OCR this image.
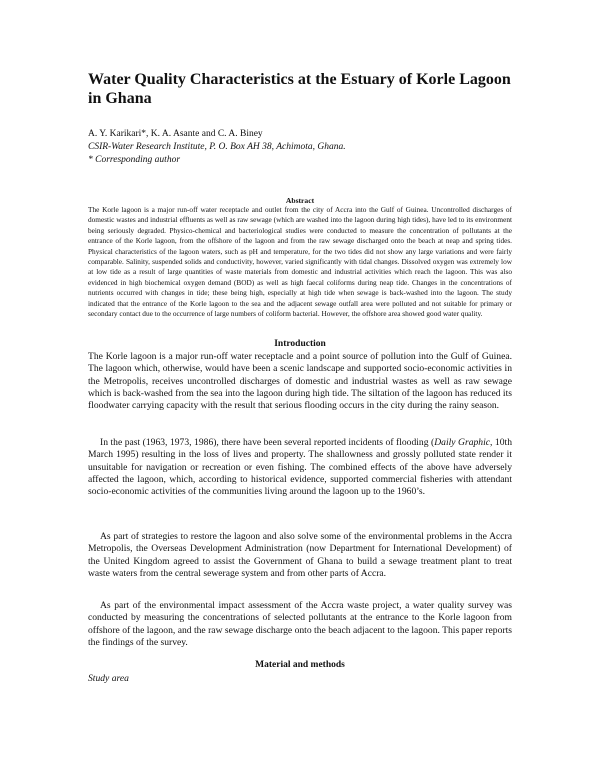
Water Quality Characteristics at the Estuary of Korle Lagoon in Ghana
A. Y. Karikari*, K. A. Asante and C. A. Biney
CSIR-Water Research Institute, P. O. Box AH 38, Achimota, Ghana.
* Corresponding author
Abstract

The Korle lagoon is a major run-off water receptacle and outlet from the city of Accra into the Gulf of Guinea. Uncontrolled discharges of domestic wastes and industrial effluents as well as raw sewage (which are washed into the lagoon during high tides), have led to its environment being seriously degraded. Physico-chemical and bacteriological studies were conducted to measure the concentration of pollutants at the entrance of the Korle lagoon, from the offshore of the lagoon and from the raw sewage discharged onto the beach at neap and spring tides. Physical characteristics of the lagoon waters, such as pH and temperature, for the two tides did not show any large variations and were fairly comparable. Salinity, suspended solids and conductivity, however, varied significantly with tidal changes. Dissolved oxygen was extremely low at low tide as a result of large quantities of waste materials from domestic and industrial activities which reach the lagoon. This was also evidenced in high biochemical oxygen demand (BOD) as well as high faecal coliforms during neap tide. Changes in the concentrations of nutrients occurred with changes in tide; these being high, especially at high tide when sewage is back-washed into the lagoon. The study indicated that the entrance of the Korle lagoon to the sea and the adjacent sewage outfall area were polluted and not suitable for primary or secondary contact due to the occurrence of large numbers of coliform bacterial. However, the offshore area showed good water quality.

Introduction

The Korle lagoon is a major run-off water receptacle and a point source of pollution into the Gulf of Guinea. The lagoon which, otherwise, would have been a scenic landscape and supported socio-economic activities in the Metropolis, receives uncontrolled discharges of domestic and industrial wastes as well as raw sewage which is back-washed from the sea into the lagoon during high tide. The siltation of the lagoon has reduced its floodwater carrying capacity with the result that serious flooding occurs in the city during the rainy season.

In the past (1963, 1973, 1986), there have been several reported incidents of flooding (Daily Graphic, 10th March 1995) resulting in the loss of lives and property. The shallowness and grossly polluted state render it unsuitable for navigation or recreation or even fishing. The combined effects of the above have adversely affected the lagoon, which, according to historical evidence, supported commercial fisheries with attendant socio-economic activities of the communities living around the lagoon up to the 1960’s.

As part of strategies to restore the lagoon and also solve some of the environmental problems in the Accra Metropolis, the Overseas Development Administration (now Department for International Development) of the United Kingdom agreed to assist the Government of Ghana to build a sewage treatment plant to treat waste waters from the central sewerage system and from other parts of Accra.

As part of the environmental impact assessment of the Accra waste project, a water quality survey was conducted by measuring the concentrations of selected pollutants at the entrance to the Korle lagoon from offshore of the lagoon, and the raw sewage discharge onto the beach adjacent to the lagoon. This paper reports the findings of the survey.

Material and methods
Study area
